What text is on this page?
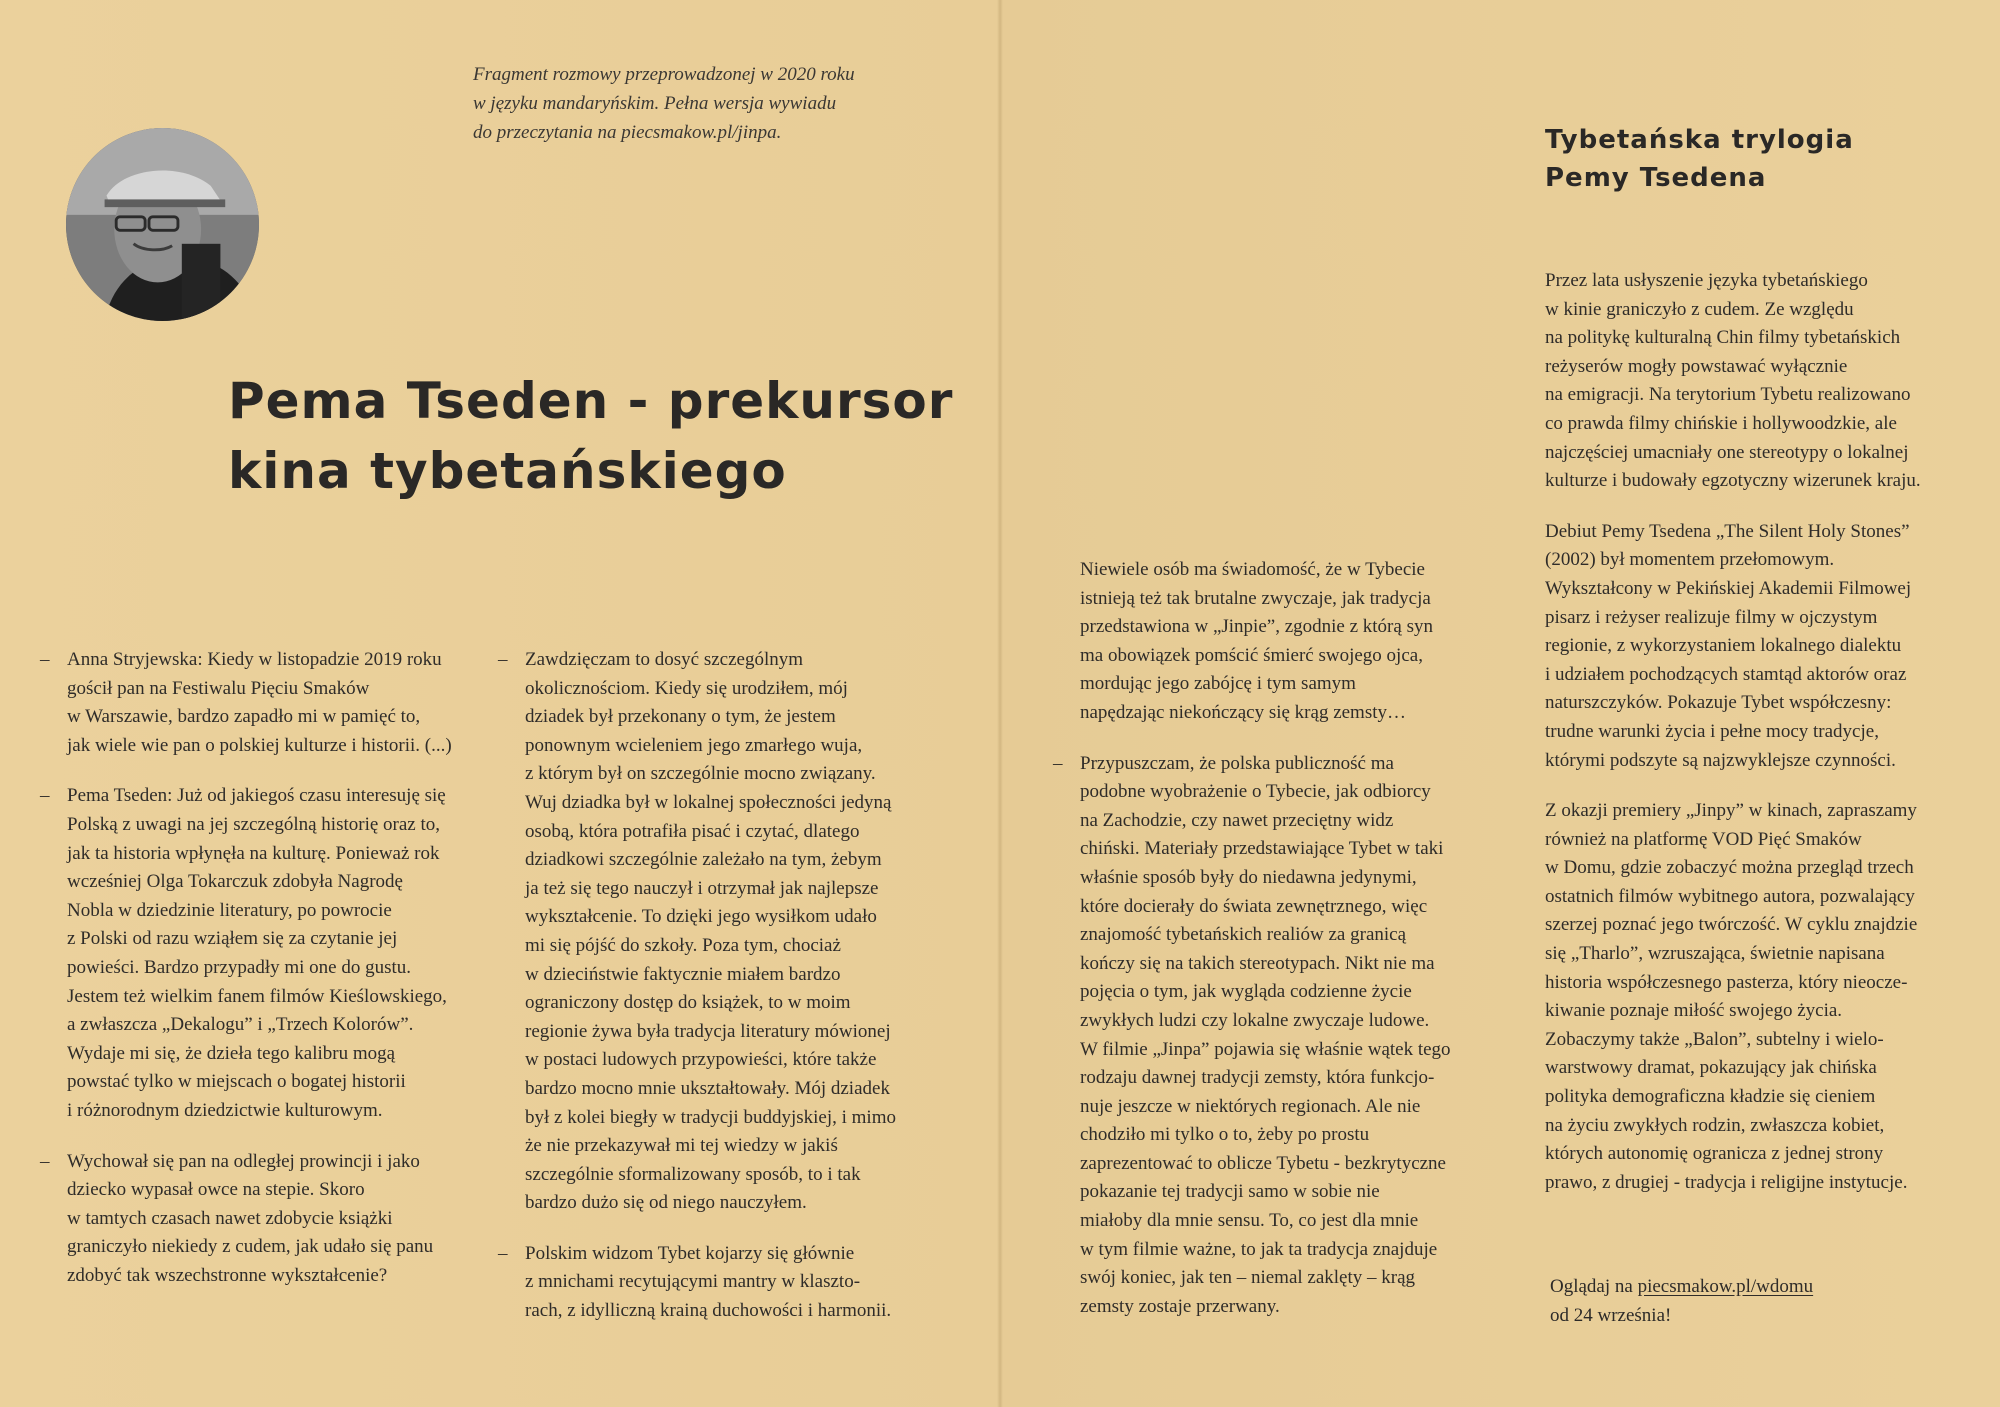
Fragment rozmowy przeprowadzonej w 2020 roku

w języku mandaryńskim. Pełna wersja wywiadu

do przeczytania na piecsmakow.pl/jinpa.

Pema Tseden - prekursor
kina tybetańskiego
– Anna Stryjewska: Kiedy w listopadzie 2019 roku
gościł pan na Festiwalu Pięciu Smaków
w Warszawie, bardzo zapadło mi w pamięć to,
jak wiele wie pan o polskiej kulturze i historii. (...)
– Pema Tseden: Już od jakiegoś czasu interesuję się
Polską z uwagi na jej szczególną historię oraz to,
jak ta historia wpłynęła na kulturę. Ponieważ rok
wcześniej Olga Tokarczuk zdobyła Nagrodę
Nobla w dziedzinie literatury, po powrocie
z Polski od razu wziąłem się za czytanie jej
powieści. Bardzo przypadły mi one do gustu.
Jestem też wielkim fanem filmów Kieślowskiego,
a zwłaszcza „Dekalogu” i „Trzech Kolorów”.
Wydaje mi się, że dzieła tego kalibru mogą
powstać tylko w miejscach o bogatej historii
i różnorodnym dziedzictwie kulturowym.
– Wychował się pan na odległej prowincji i jako
dziecko wypasał owce na stepie. Skoro
w tamtych czasach nawet zdobycie książki
graniczyło niekiedy z cudem, jak udało się panu
zdobyć tak wszechstronne wykształcenie?
– Zawdzięczam to dosyć szczególnym
okolicznościom. Kiedy się urodziłem, mój
dziadek był przekonany o tym, że jestem
ponownym wcieleniem jego zmarłego wuja,
z którym był on szczególnie mocno związany.
Wuj dziadka był w lokalnej społeczności jedyną
osobą, która potrafiła pisać i czytać, dlatego
dziadkowi szczególnie zależało na tym, żebym
ja też się tego nauczył i otrzymał jak najlepsze
wykształcenie. To dzięki jego wysiłkom udało
mi się pójść do szkoły. Poza tym, chociaż
w dzieciństwie faktycznie miałem bardzo
ograniczony dostęp do książek, to w moim
regionie żywa była tradycja literatury mówionej
w postaci ludowych przypowieści, które także
bardzo mocno mnie ukształtowały. Mój dziadek
był z kolei biegły w tradycji buddyjskiej, i mimo
że nie przekazywał mi tej wiedzy w jakiś
szczególnie sformalizowany sposób, to i tak
bardzo dużo się od niego nauczyłem.
– Polskim widzom Tybet kojarzy się głównie
z mnichami recytującymi mantry w klaszto-
rach, z idylliczną krainą duchowości i harmonii.
Niewiele osób ma świadomość, że w Tybecie
istnieją też tak brutalne zwyczaje, jak tradycja
przedstawiona w „Jinpie”, zgodnie z którą syn
ma obowiązek pomścić śmierć swojego ojca,
mordując jego zabójcę i tym samym
napędzając niekończący się krąg zemsty…
– Przypuszczam, że polska publiczność ma
podobne wyobrażenie o Tybecie, jak odbiorcy
na Zachodzie, czy nawet przeciętny widz
chiński. Materiały przedstawiające Tybet w taki
właśnie sposób były do niedawna jedynymi,
które docierały do świata zewnętrznego, więc
znajomość tybetańskich realiów za granicą
kończy się na takich stereotypach. Nikt nie ma
pojęcia o tym, jak wygląda codzienne życie
zwykłych ludzi czy lokalne zwyczaje ludowe.
W filmie „Jinpa” pojawia się właśnie wątek tego
rodzaju dawnej tradycji zemsty, która funkcjo-
nuje jeszcze w niektórych regionach. Ale nie
chodziło mi tylko o to, żeby po prostu
zaprezentować to oblicze Tybetu - bezkrytyczne
pokazanie tej tradycji samo w sobie nie
miałoby dla mnie sensu. To, co jest dla mnie
w tym filmie ważne, to jak ta tradycja znajduje
swój koniec, jak ten – niemal zaklęty – krąg
zemsty zostaje przerwany.
Tybetańska trylogia
Pemy Tsedena
Przez lata usłyszenie języka tybetańskiego
w kinie graniczyło z cudem. Ze względu
na politykę kulturalną Chin filmy tybetańskich
reżyserów mogły powstawać wyłącznie
na emigracji. Na terytorium Tybetu realizowano
co prawda filmy chińskie i hollywoodzkie, ale
najczęściej umacniały one stereotypy o lokalnej
kulturze i budowały egzotyczny wizerunek kraju.
Debiut Pemy Tsedena „The Silent Holy Stones”
(2002) był momentem przełomowym.
Wykształcony w Pekińskiej Akademii Filmowej
pisarz i reżyser realizuje filmy w ojczystym
regionie, z wykorzystaniem lokalnego dialektu
i udziałem pochodzących stamtąd aktorów oraz
naturszczyków. Pokazuje Tybet współczesny:
trudne warunki życia i pełne mocy tradycje,
którymi podszyte są najzwyklejsze czynności.
Z okazji premiery „Jinpy” w kinach, zapraszamy
również na platformę VOD Pięć Smaków
w Domu, gdzie zobaczyć można przegląd trzech
ostatnich filmów wybitnego autora, pozwalający
szerzej poznać jego twórczość. W cyklu znajdzie
się „Tharlo”, wzruszająca, świetnie napisana
historia współczesnego pasterza, który nieocze-
kiwanie poznaje miłość swojego życia.
Zobaczymy także „Balon”, subtelny i wielo-
warstwowy dramat, pokazujący jak chińska
polityka demograficzna kładzie się cieniem
na życiu zwykłych rodzin, zwłaszcza kobiet,
których autonomię ogranicza z jednej strony
prawo, z drugiej - tradycja i religijne instytucje.
Oglądaj na piecsmakow.pl/wdomu
od 24 września!
